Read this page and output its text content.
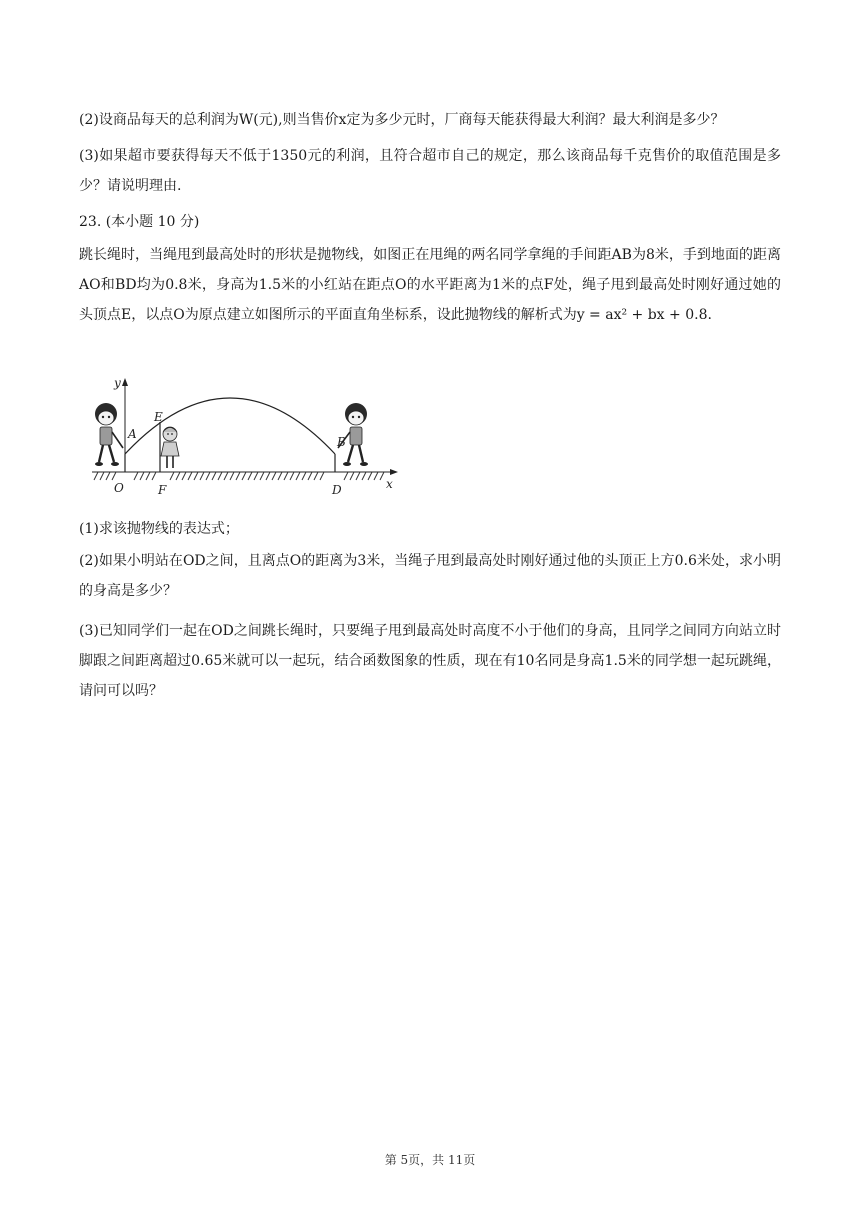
(2)设商品每天的总利润为W(元),则当售价x定为多少元时，厂商每天能获得最大利润？最大利润是多少？

(3)如果超市要获得每天不低于1350元的利润，且符合超市自己的规定，那么该商品每千克售价的取值范围是多少？请说明理由.

23. (本小题 10 分)

跳长绳时，当绳甩到最高处时的形状是抛物线，如图正在甩绳的两名同学拿绳的手间距AB为8米，手到地面的距离AO和BD均为0.8米，身高为1.5米的小红站在距点O的水平距离为1米的点F处，绳子甩到最高处时刚好通过她的头顶点E，以点O为原点建立如图所示的平面直角坐标系，设此抛物线的解析式为y = ax² + bx + 0.8.

y
x
A
E
B
O	F	D

(1)求该抛物线的表达式；

(2)如果小明站在OD之间，且离点O的距离为3米，当绳子甩到最高处时刚好通过他的头顶正上方0.6米处，求小明的身高是多少？

(3)已知同学们一起在OD之间跳长绳时，只要绳子甩到最高处时高度不小于他们的身高，且同学之间同方向站立时脚跟之间距离超过0.65米就可以一起玩，结合函数图象的性质，现在有10名同是身高1.5米的同学想一起玩跳绳，请问可以吗？

第 5页，共 11页
